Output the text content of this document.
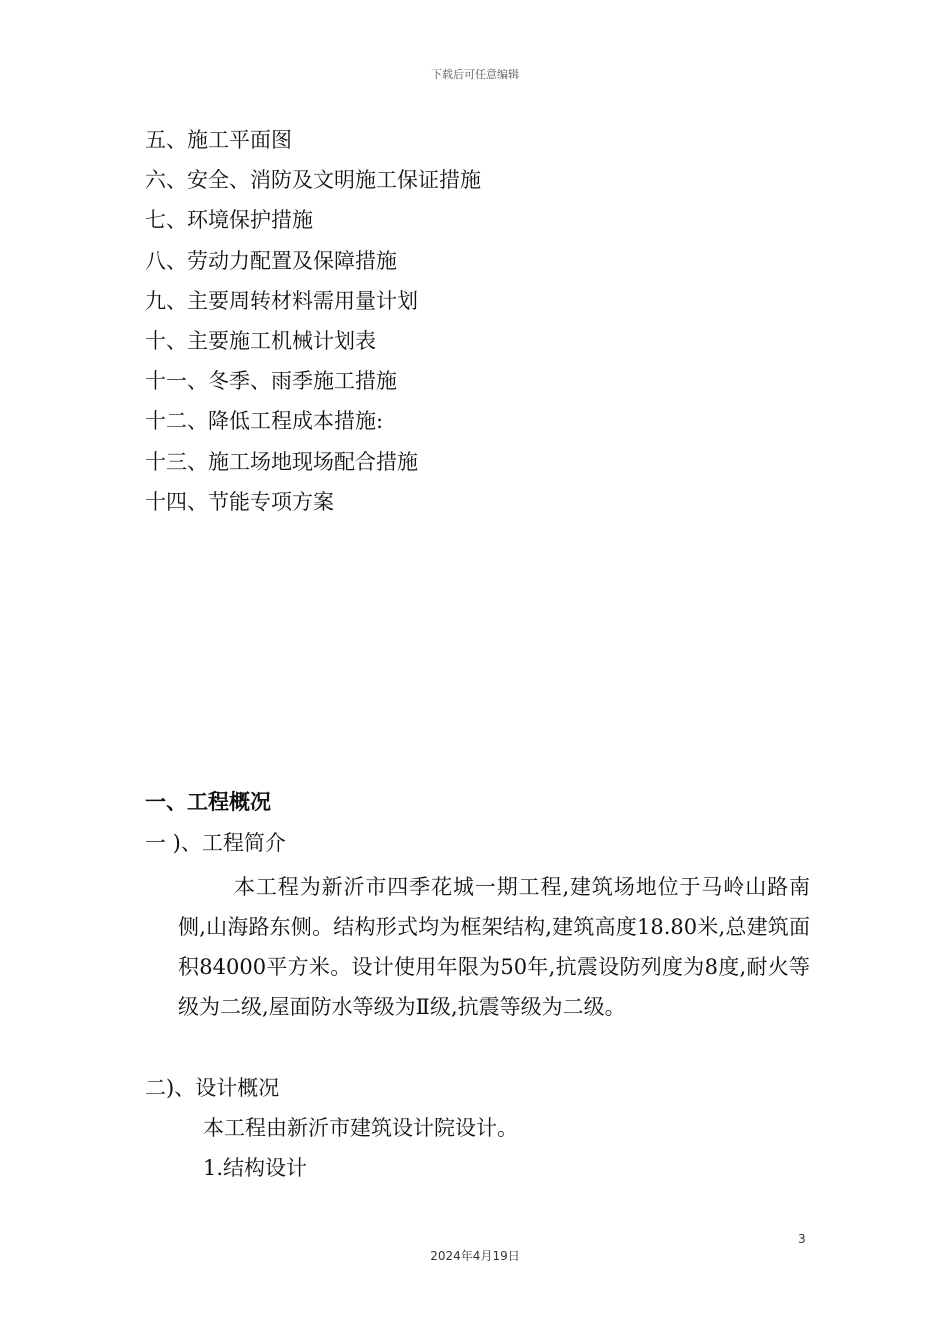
下载后可任意编辑
五、施工平面图
六、安全、消防及文明施工保证措施
七、环境保护措施
八、劳动力配置及保障措施
九、主要周转材料需用量计划
十、主要施工机械计划表
十一、冬季、雨季施工措施
十二、降低工程成本措施:
十三、施工场地现场配合措施
十四、节能专项方案
一、工程概况
一 )、工程简介

本工程为新沂市四季花城一期工程,建筑场地位于马岭山路南侧,山海路东侧。结构形式均为框架结构,建筑高度18.80米,总建筑面积84000平方米。设计使用年限为50年,抗震设防列度为8度,耐火等级为二级,屋面防水等级为Ⅱ级,抗震等级为二级。

二)、设计概况
本工程由新沂市建筑设计院设计。
1.结构设计
3
2024年4月19日
